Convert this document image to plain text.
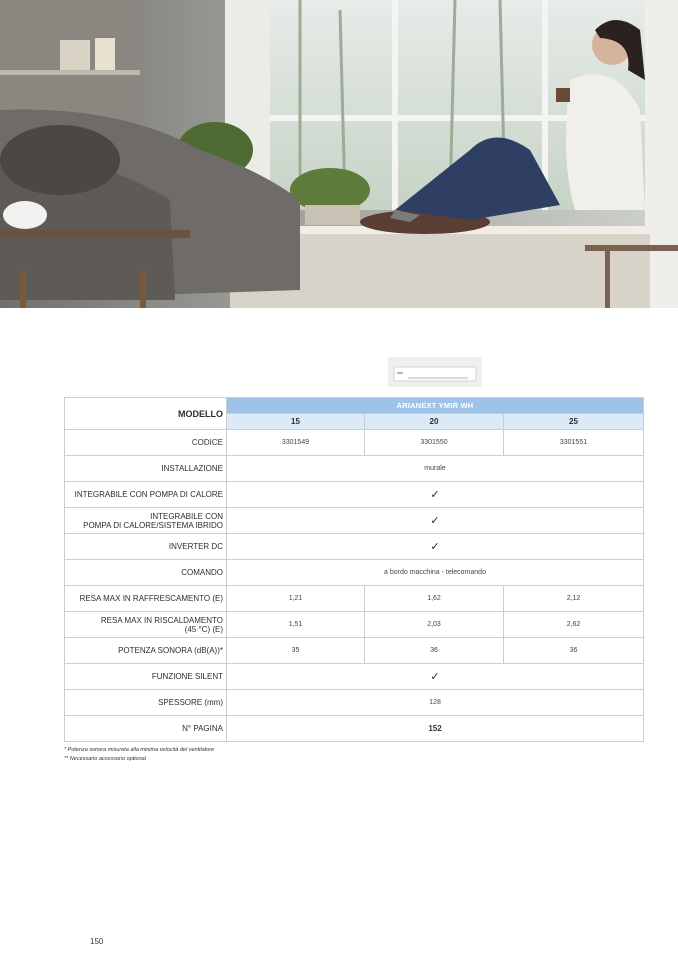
MODELLO	ARIANEXT YMIR WH		
	15	20	25
CODICE	3301549	3301550	3301551
INSTALLAZIONE	murale		
INTEGRABILE CON POMPA DI CALORE	✓		
INTEGRABILE CON
POMPA DI CALORE/SISTEMA IBRIDO	✓		
INVERTER DC	✓		
COMANDO	a bordo macchina - telecomando		
RESA MAX IN RAFFRESCAMENTO (E)	1,21	1,62	2,12
RESA MAX IN RISCALDAMENTO
(45 °C) (E)	1,51	2,03	2,62
POTENZA SONORA (dB(A))*	35	36	36
FUNZIONE SILENT	✓		
SPESSORE (mm)	128		
N° PAGINA	152		
* Potenza sonora misurata alla minima velocità del ventilatore
** Necessario accessorio optional
150
